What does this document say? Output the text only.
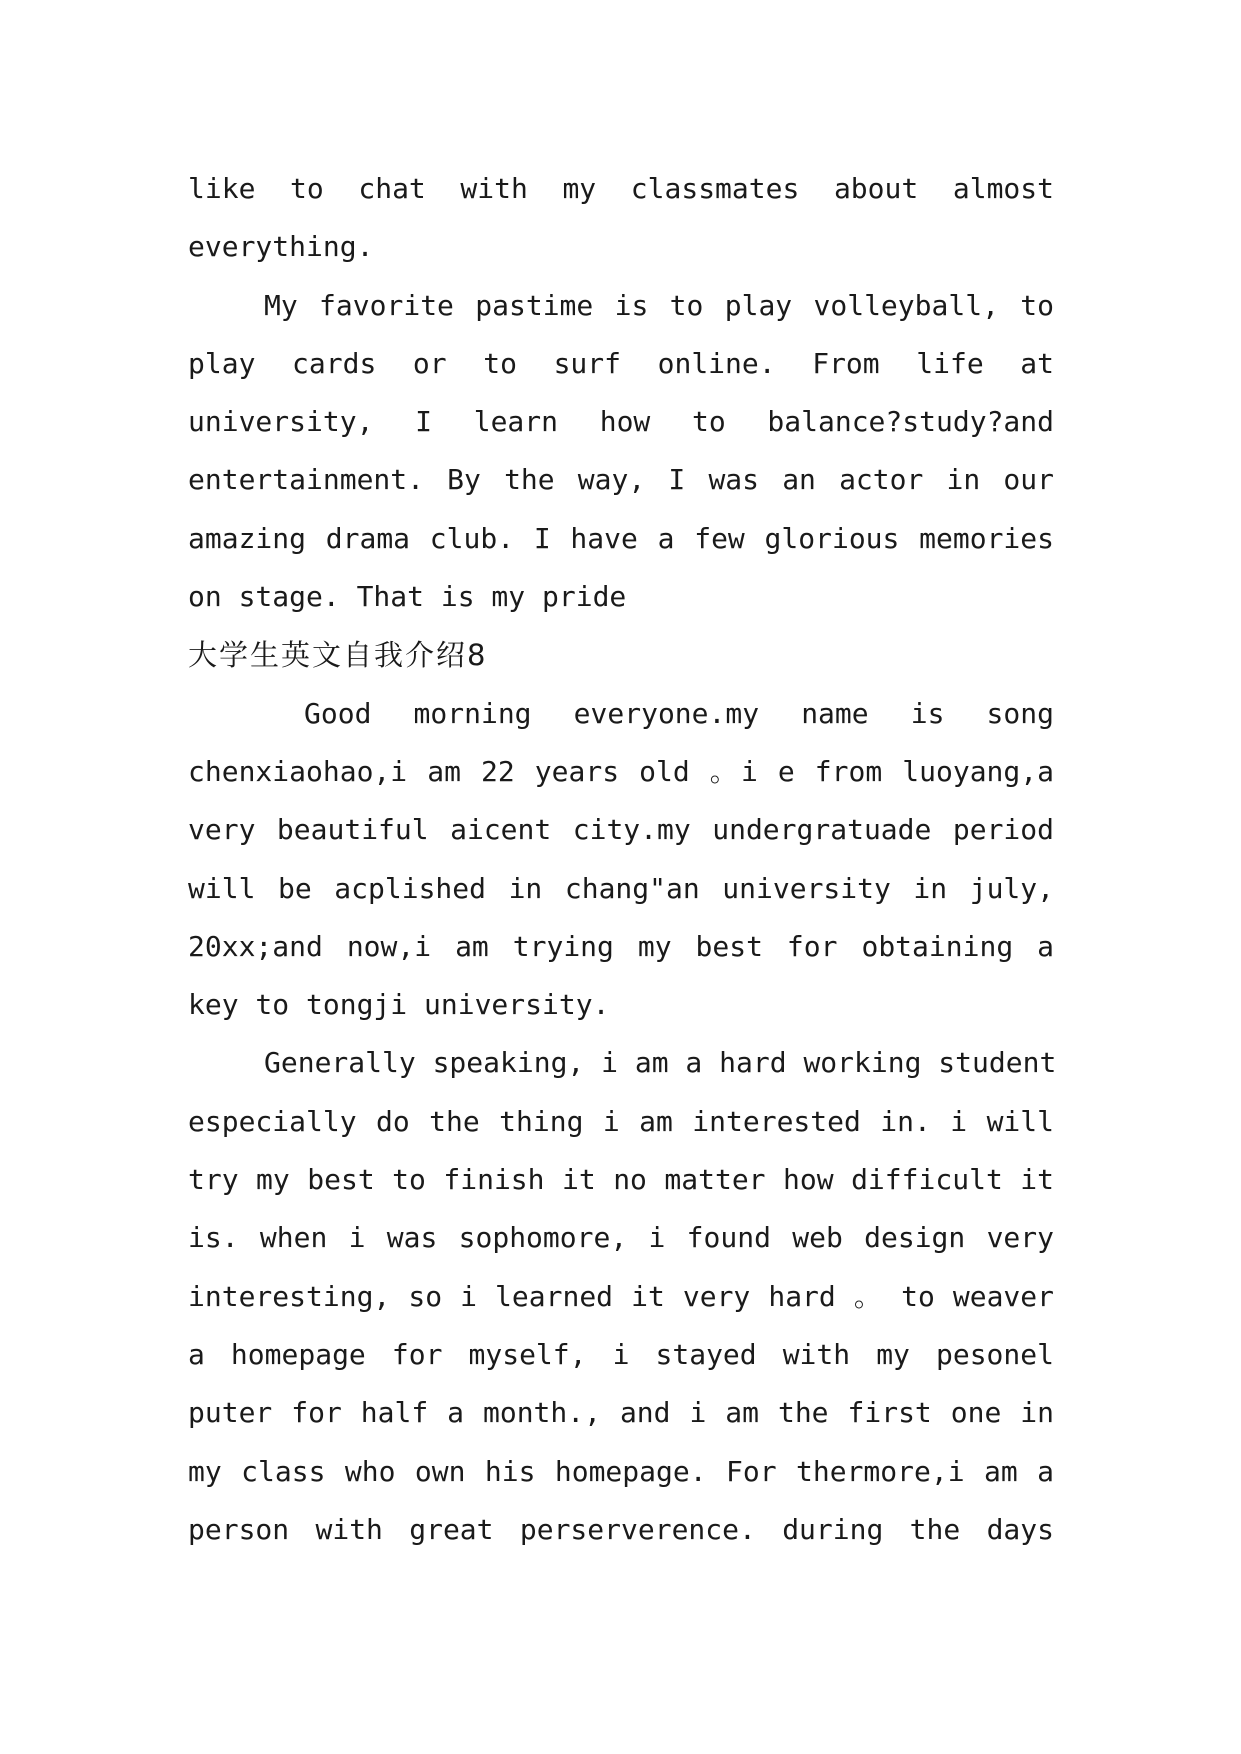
like to chat with my classmates about almost
everything.
My favorite pastime is to play volleyball, to
play cards or to surf online. From life at
university, I learn how to balance?study?and
entertainment. By the way, I was an actor in our
amazing drama club. I have a few glorious memories
on stage. That is my pride
大学生英文自我介绍8
Good morning everyone.my name is song
chenxiaohao,i am 22 years old 。i e from luoyang,a
very beautiful aicent city.my undergratuade period
will be acplished in chang"an university in july,
20xx;and now,i am trying my best for obtaining a
key to tongji university.
Generally speaking, i am a hard working student
especially do the thing i am interested in. i will
try my best to finish it no matter how difficult it
is. when i was sophomore, i found web design very
interesting, so i learned it very hard 。 to weaver
a homepage for myself, i stayed with my pesonel
puter for half a month., and i am the first one in
my class who own his homepage. For thermore,i am a
person with great perserverence. during the days
